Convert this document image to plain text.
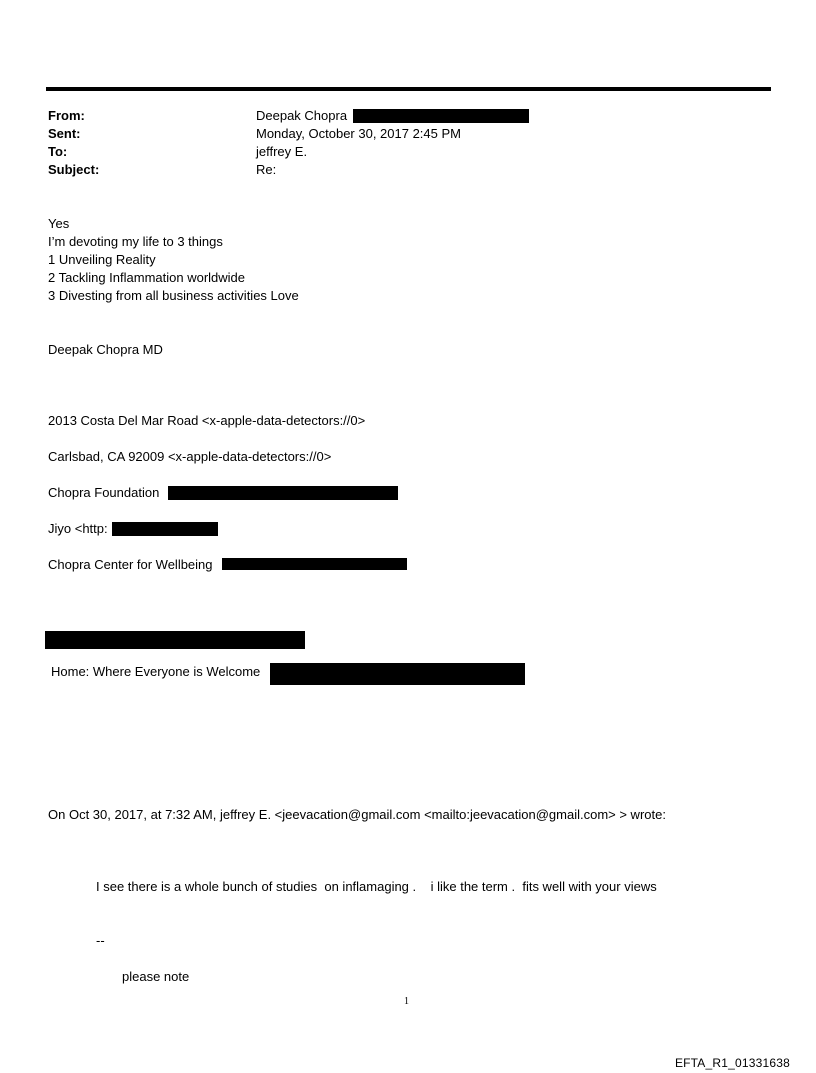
From:	Deepak Chopra
Sent:	Monday, October 30, 2017 2:45 PM
To:	jeffrey E.
Subject:	Re:
Yes
I’m devoting my life to 3 things
1 Unveiling Reality
2 Tackling Inflammation worldwide
3 Divesting from all business activities Love
Deepak Chopra MD
2013 Costa Del Mar Road <x-apple-data-detectors://0>
Carlsbad, CA 92009 <x-apple-data-detectors://0>
Chopra Foundation
Jiyo <http:
Chopra Center for Wellbeing
Home: Where Everyone is Welcome
On Oct 30, 2017, at 7:32 AM, jeffrey E. <jeevacation@gmail.com <mailto:jeevacation@gmail.com> > wrote:
I see there is a whole bunch of studies  on inflamaging .    i like the term .  fits well with your views
--
please note
1
EFTA_R1_01331638
